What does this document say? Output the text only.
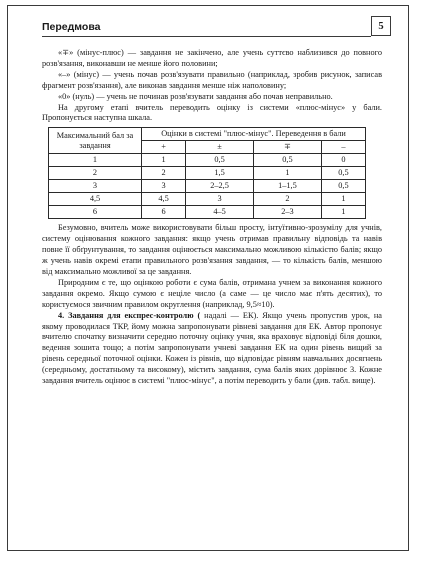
Передмова	5

«∓» (мінус-плюс) — завдання не закінчено, але учень суттєво наблизився до повного розв'язання, виконавши не менше його половини;

«–» (мінус) — учень почав розв'язувати правильно (наприклад, зробив рисунок, записав фрагмент розв'язання), але виконав завдання менше ніж наполовину;

«0» (нуль) — учень не починав розв'язувати завдання або почав неправильно.

На другому етапі вчитель переводить оцінку із системи «плюс-мінус» у бали. Пропонується наступна шкала.

Максимальний бал за завдання	Оцінки в системі "плюс-мінус". Переведення в бали			
	+	±	∓	–
1	1	0,5	0,5	0
2	2	1,5	1	0,5
3	3	2–2,5	1–1,5	0,5
4,5	4,5	3	2	1
6	6	4–5	2–3	1

Безумовно, вчитель може використовувати більш просту, інтуїтивно-зрозумілу для учнів, систему оцінювання кожного завдання: якщо учень отримав правильну відповідь та навів повне її обґрунтування, то завдання оцінюється максимально можливою кількістю балів; якщо ж учень навів окремі етапи правильного розв'язання завдання, — то кількість балів, меншою від максимально можливої за це завдання.

Природним є те, що оцінкою роботи є сума балів, отримана учнем за виконання кожного завдання окремо. Якщо сумою є неціле число (а саме — це число має п'ять десятих), то користуємося звичним правилом округлення (наприклад, 9,5≈10).

4. Завдання для експрес-контролю ( надалі — ЕК). Якщо учень пропустив урок, на якому проводилася ТКР, йому можна запропонувати рівневі завдання для ЕК. Автор пропонує вчителю спочатку визначити середню поточну оцінку учня, яка враховує відповіді біля дошки, ведення зошита тощо; а потім запропонувати учневі завдання ЕК на один рівень вищий за рівень середньої поточної оцінки. Кожен із рівнів, що відповідає рівням навчальних досягнень (середньому, достатньому та високому), містить завдання, сума балів яких дорівнює 3. Кожне завдання вчитель оцінює в системі "плюс-мінус", а потім переводить у бали (див. табл. вище).
